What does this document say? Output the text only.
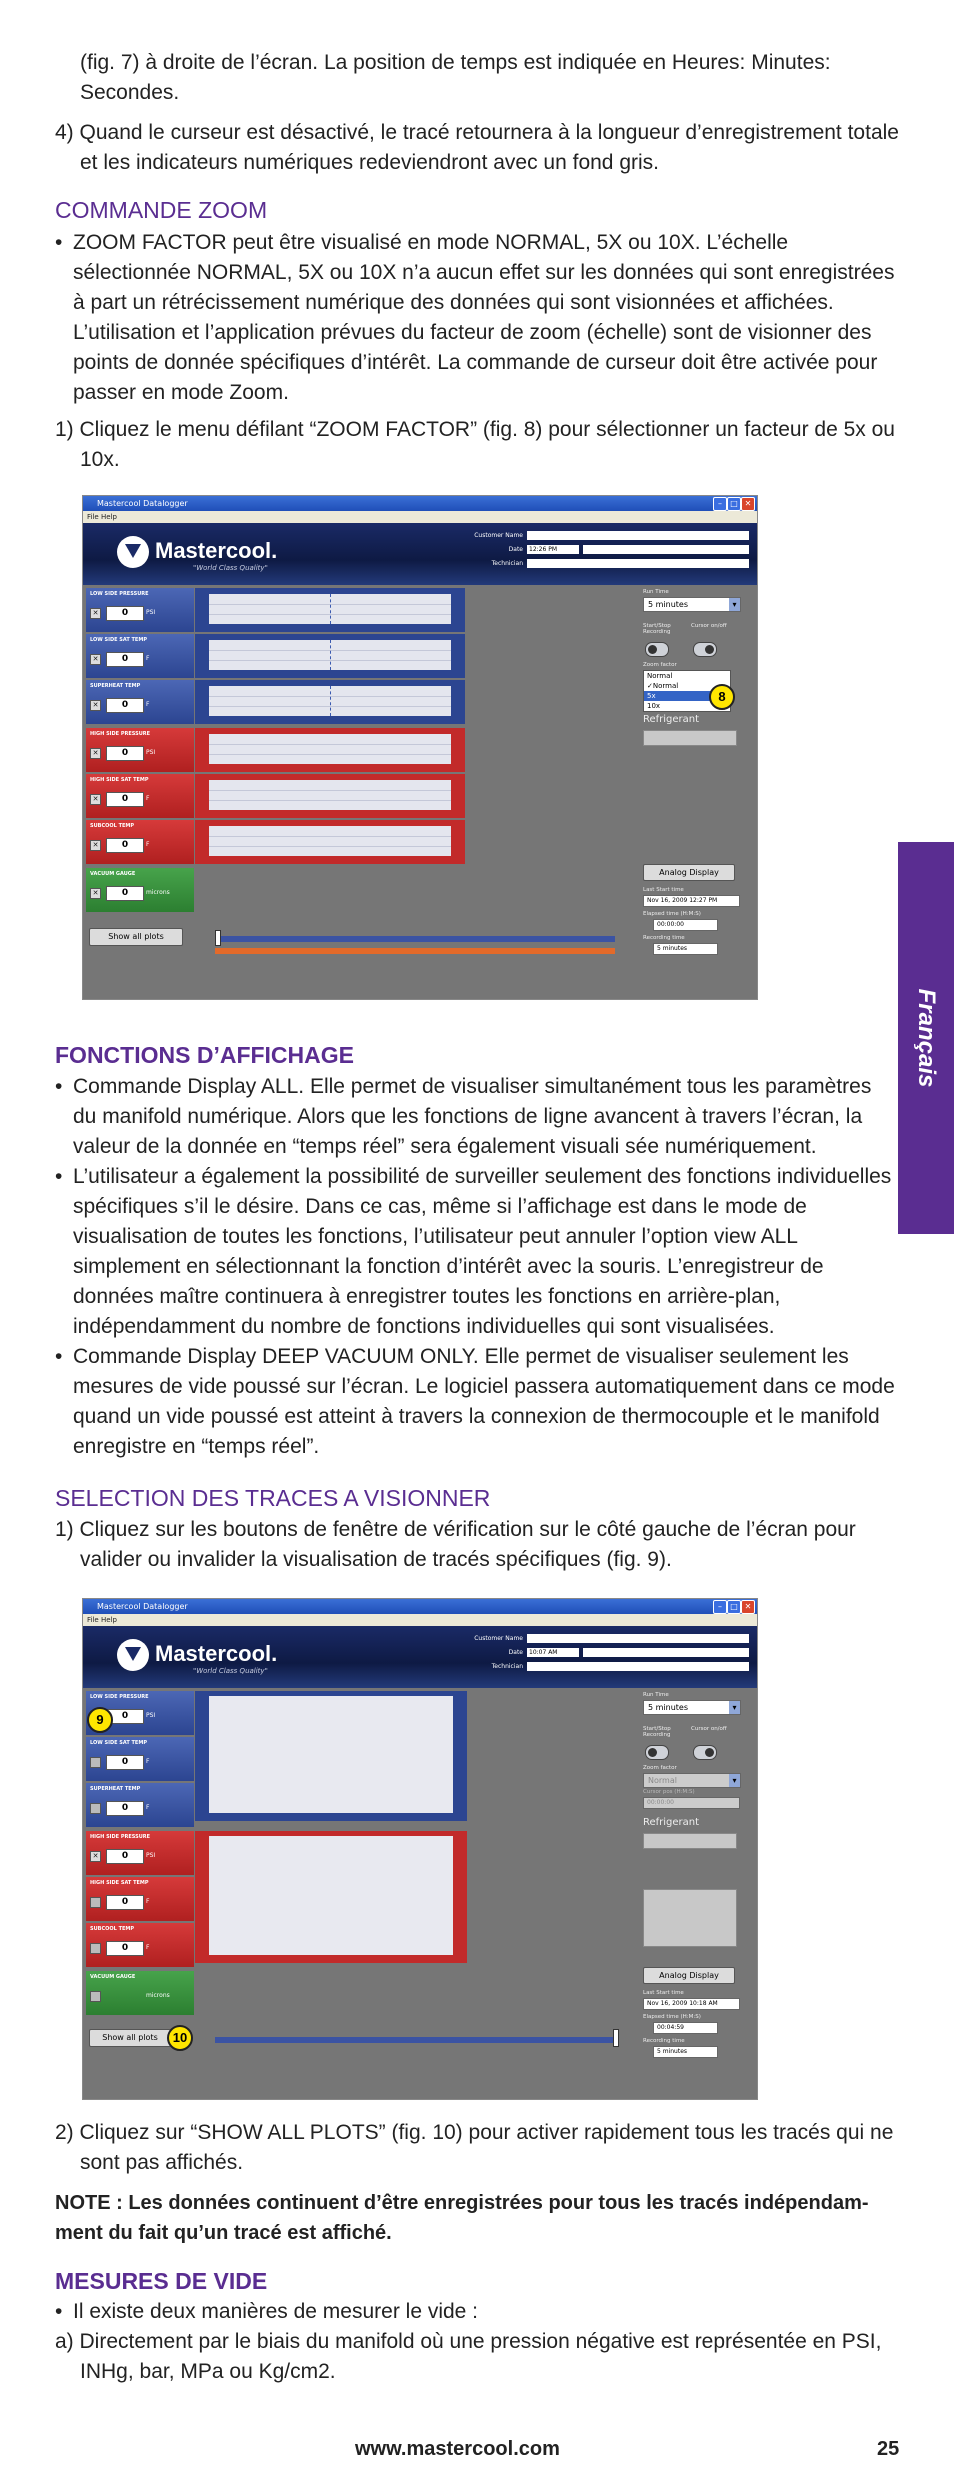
(fig. 7) à droite de l’écran. La position de temps est indiquée en Heures: Minutes: Secondes.
4) Quand le curseur est désactivé, le tracé retournera à la longueur d’enregistrement totale et les indicateurs numériques redeviendront avec un fond gris.
COMMANDE ZOOM
• ZOOM FACTOR peut être visualisé en mode NORMAL, 5X ou 10X. L’échelle sélectionnée NORMAL, 5X ou 10X n’a aucun effet sur les données qui sont enregistrées à part un rétrécissement numérique des données qui sont visionnées et affichées. L’utilisation et l’application prévues du facteur de zoom (échelle) sont de visionner des points de donnée spécifiques d’intérêt. La commande de curseur doit être activée pour passer en mode Zoom.
1) Cliquez le menu défilant “ZOOM FACTOR” (fig. 8) pour sélectionner un facteur de 5x ou 10x.
Mastercool Datalogger	–	□ ✕
File Help
Mastercool.
"World Class Quality"
Customer Name
Date	12:26 PM
Technician
LOW SIDE PRESSURE
✕	0	PSI
LOW SIDE SAT TEMP
✕	0	F
SUPERHEAT TEMP
✕	0	F
HIGH SIDE PRESSURE
✕	0	PSI
HIGH SIDE SAT TEMP
✕	0	F
SUBCOOL TEMP
✕	0	F
VACUUM GAUGE
✕	0	microns
Show all plots
Run Time
5 minutes ▾
Start/Stop Recording
Cursor on/off
Zoom factor
Normal
✓Normal
5x
10x
8
Refrigerant
Analog Display
Last Start time
Nov 16, 2009 12:27 PM
Elapsed time (H:M:S)
00:00:00
Recording time
5 minutes
FONCTIONS D’AFFICHAGE
• Commande Display ALL. Elle permet de visualiser simultanément tous les paramètres du manifold numérique. Alors que les fonctions de ligne avancent à travers l’écran, la valeur de la donnée en “temps réel” sera également visuali sée numériquement.
• L’utilisateur a également la possibilité de surveiller seulement des fonctions individuelles spécifiques s’il le désire. Dans ce cas, même si l’affichage est dans le mode de visualisation de toutes les fonctions, l’utilisateur peut annuler l’option view ALL simplement en sélectionnant la fonction d’intérêt avec la souris. L’enregistreur de données maître continuera à enregistrer toutes les fonctions en arrière-plan, indépendamment du nombre de fonctions individuelles qui sont visualisées.
• Commande Display DEEP VACUUM ONLY. Elle permet de visualiser seulement les mesures de vide poussé sur l’écran. Le logiciel passera automatiquement dans ce mode quand un vide poussé est atteint à travers la connexion de thermocouple et le manifold enregistre en “temps réel”.
SELECTION DES TRACES A VISIONNER
1) Cliquez sur les boutons de fenêtre de vérification sur le côté gauche de l’écran pour valider ou invalider la visualisation de tracés spécifiques (fig. 9).
Mastercool Datalogger	–	□ ✕
File Help
Mastercool.
"World Class Quality"
Customer Name
Date	10:07 AM
Technician
LOW SIDE PRESSURE
0	PSI
9
LOW SIDE SAT TEMP
0	F
SUPERHEAT TEMP
0	F
HIGH SIDE PRESSURE
✕	0	PSI
HIGH SIDE SAT TEMP
0	F
SUBCOOL TEMP
0	F
VACUUM GAUGE
microns
Show all plots	10
Run Time
5 minutes ▾
Start/Stop Recording
Cursor on/off
Zoom factor
Normal ▾
Cursor pos (H:M:S)
00:00:00
Refrigerant
Analog Display
Last Start time
Nov 16, 2009 10:18 AM
Elapsed time (H:M:S)
00:04:59
Recording time
5 minutes
2) Cliquez sur “SHOW ALL PLOTS” (fig. 10) pour activer rapidement tous les tracés qui ne sont pas affichés.
NOTE : Les données continuent d’être enregistrées pour tous les tracés indépendam-ment du fait qu’un tracé est affiché.
MESURES DE VIDE
• Il existe deux manières de mesurer le vide :
a) Directement par le biais du manifold où une pression négative est représentée en PSI, INHg, bar, MPa ou Kg/cm2.
Français
www.mastercool.com	25
